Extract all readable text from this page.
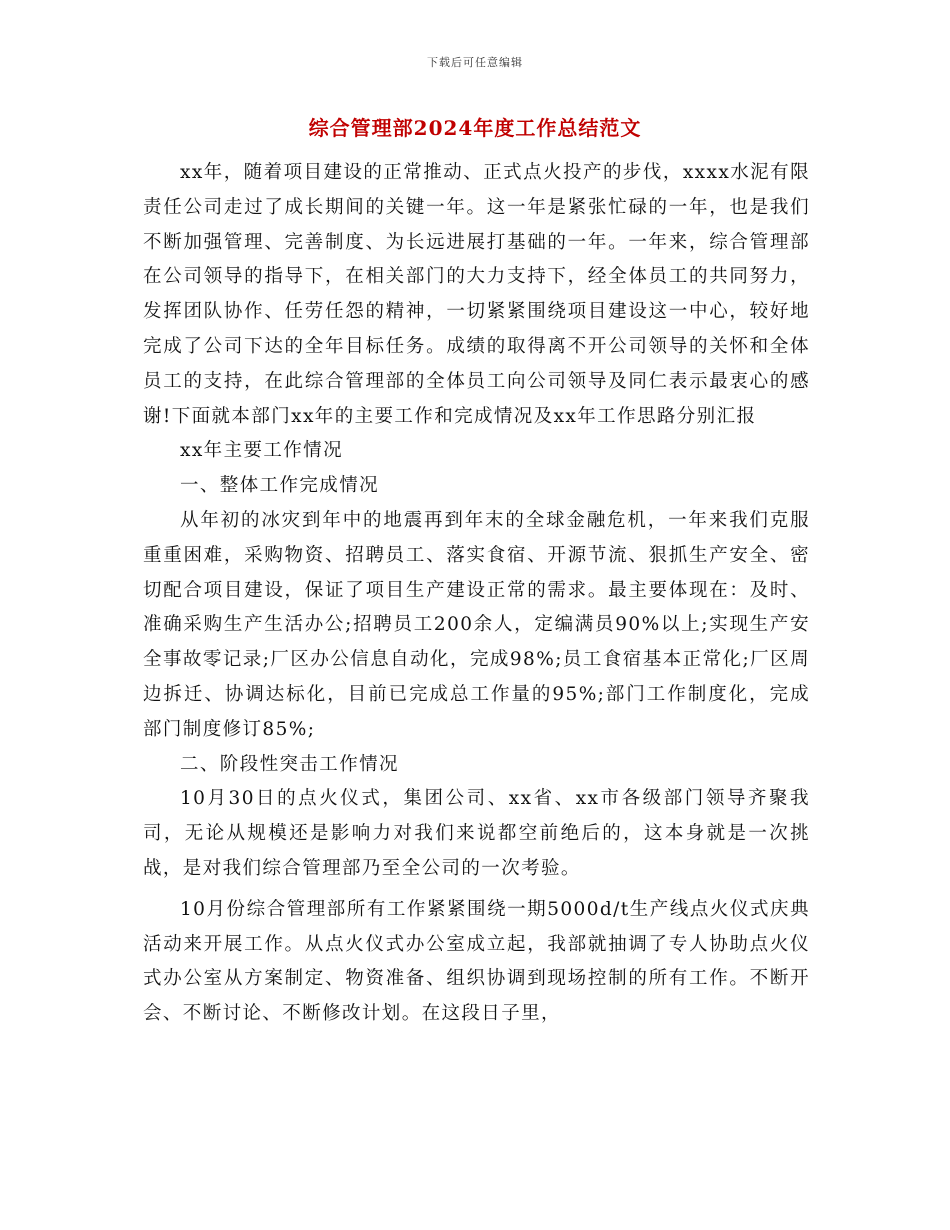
下载后可任意编辑
综合管理部2024年度工作总结范文

xx年，随着项目建设的正常推动、正式点火投产的步伐，xxxx水泥有限责任公司走过了成长期间的关键一年。这一年是紧张忙碌的一年，也是我们不断加强管理、完善制度、为长远进展打基础的一年。一年来，综合管理部在公司领导的指导下，在相关部门的大力支持下，经全体员工的共同努力，发挥团队协作、任劳任怨的精神，一切紧紧围绕项目建设这一中心，较好地完成了公司下达的全年目标任务。成绩的取得离不开公司领导的关怀和全体员工的支持，在此综合管理部的全体员工向公司领导及同仁表示最衷心的感谢!下面就本部门xx年的主要工作和完成情况及xx年工作思路分别汇报

xx年主要工作情况

一、整体工作完成情况

从年初的冰灾到年中的地震再到年末的全球金融危机，一年来我们克服重重困难，采购物资、招聘员工、落实食宿、开源节流、狠抓生产安全、密切配合项目建设，保证了项目生产建设正常的需求。最主要体现在：及时、准确采购生产生活办公;招聘员工200余人，定编满员90%以上;实现生产安全事故零记录;厂区办公信息自动化，完成98%;员工食宿基本正常化;厂区周边拆迁、协调达标化，目前已完成总工作量的95%;部门工作制度化，完成部门制度修订85%;

二、阶段性突击工作情况

10月30日的点火仪式，集团公司、xx省、xx市各级部门领导齐聚我司，无论从规模还是影响力对我们来说都空前绝后的，这本身就是一次挑战，是对我们综合管理部乃至全公司的一次考验。

10月份综合管理部所有工作紧紧围绕一期5000d/t生产线点火仪式庆典活动来开展工作。从点火仪式办公室成立起，我部就抽调了专人协助点火仪式办公室从方案制定、物资准备、组织协调到现场控制的所有工作。不断开会、不断讨论、不断修改计划。在这段日子里，
